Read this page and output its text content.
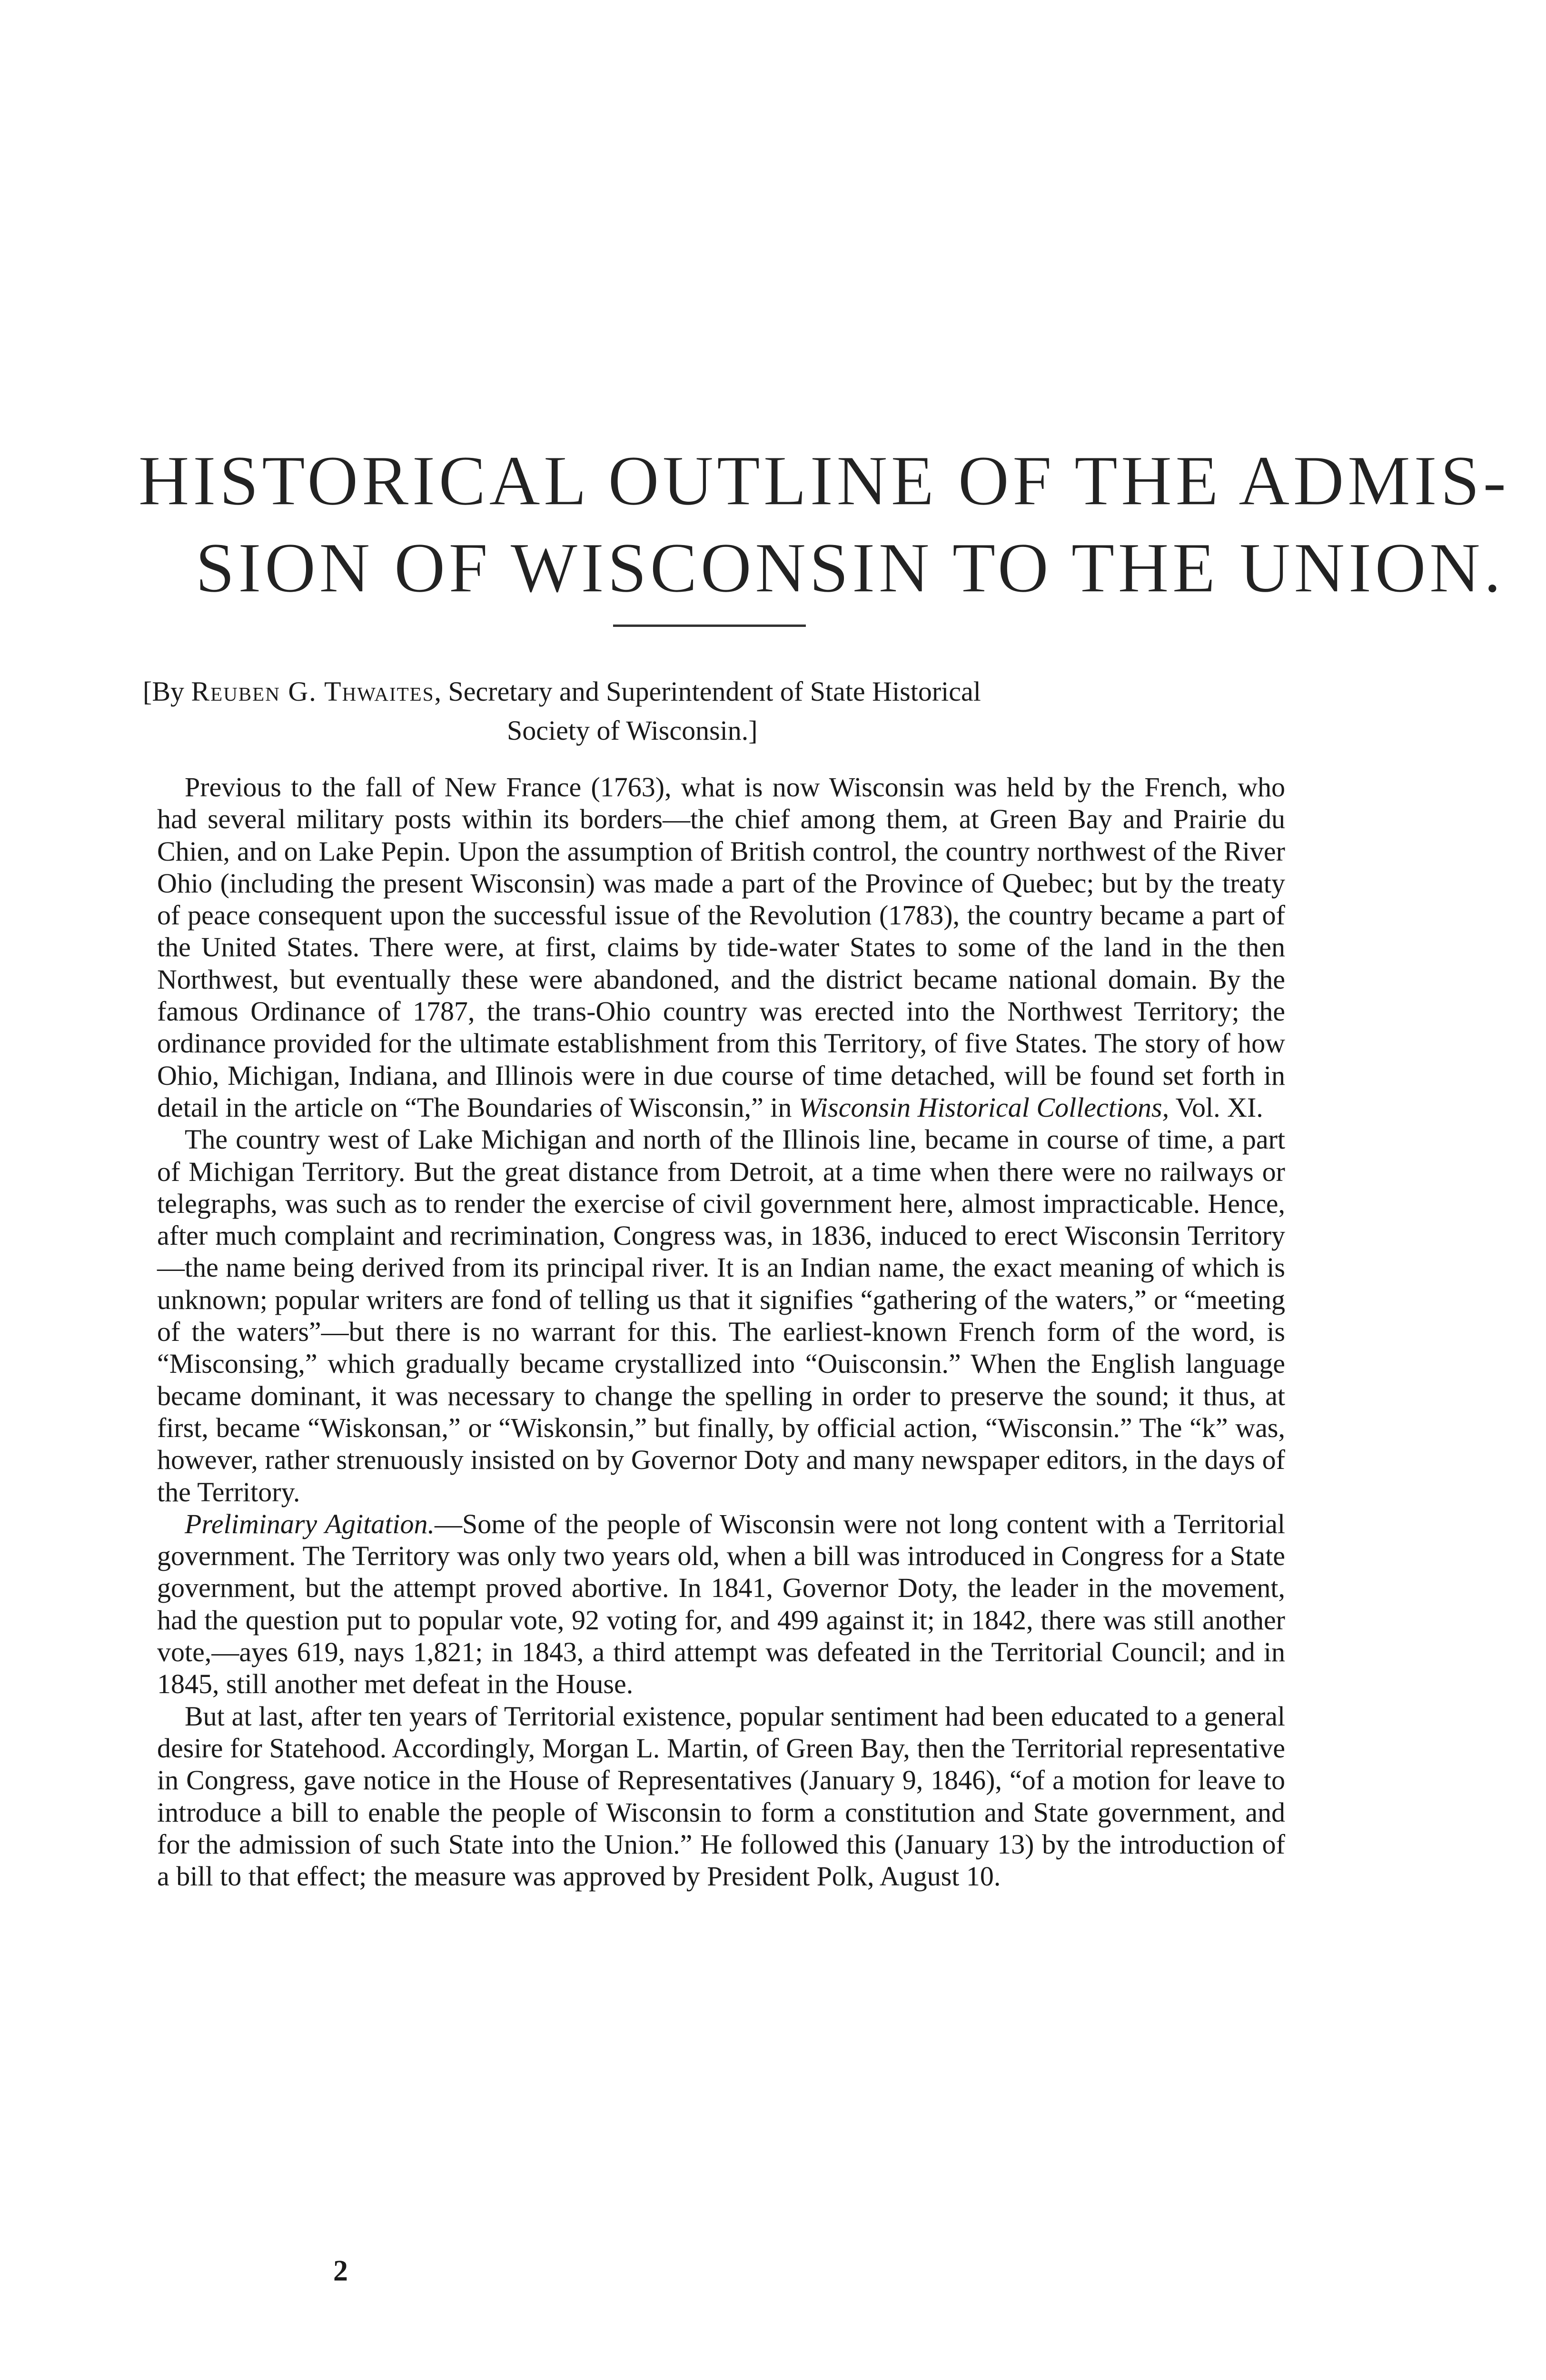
HISTORICAL OUTLINE OF THE ADMIS-
SION OF WISCONSIN TO THE UNION.
[By Reuben G. Thwaites, Secretary and Superintendent of State Historical
Society of Wisconsin.]

Previous to the fall of New France (1763), what is now Wisconsin was held by the French, who had several military posts within its borders—the chief among them, at Green Bay and Prairie du Chien, and on Lake Pepin. Upon the assumption of British control, the country northwest of the River Ohio (including the present Wisconsin) was made a part of the Province of Quebec; but by the treaty of peace consequent upon the successful issue of the Revolution (1783), the country became a part of the United States. There were, at first, claims by tide-water States to some of the land in the then Northwest, but eventually these were abandoned, and the district became national domain. By the famous Ordinance of 1787, the trans-Ohio country was erected into the Northwest Territory; the ordinance provided for the ultimate establishment from this Territory, of five States. The story of how Ohio, Michigan, Indiana, and Illinois were in due course of time detached, will be found set forth in detail in the article on “The Boundaries of Wisconsin,” in Wisconsin Historical Collections, Vol. XI.

The country west of Lake Michigan and north of the Illinois line, became in course of time, a part of Michigan Territory. But the great distance from Detroit, at a time when there were no railways or telegraphs, was such as to render the exercise of civil government here, almost impracticable. Hence, after much complaint and recrimination, Congress was, in 1836, induced to erect Wisconsin Territory—the name being derived from its principal river. It is an Indian name, the exact meaning of which is unknown; popular writers are fond of telling us that it signifies “gathering of the waters,” or “meeting of the waters”—but there is no warrant for this. The earliest-known French form of the word, is “Misconsing,” which gradually became crystallized into “Ouisconsin.” When the English language became dominant, it was necessary to change the spelling in order to preserve the sound; it thus, at first, became “Wiskonsan,” or “Wiskonsin,” but finally, by official action, “Wisconsin.” The “k” was, however, rather strenuously insisted on by Governor Doty and many newspaper editors, in the days of the Territory.

Preliminary Agitation.—Some of the people of Wisconsin were not long content with a Territorial government. The Territory was only two years old, when a bill was introduced in Congress for a State government, but the attempt proved abortive. In 1841, Governor Doty, the leader in the movement, had the question put to popular vote, 92 voting for, and 499 against it; in 1842, there was still another vote,—ayes 619, nays 1,821; in 1843, a third attempt was defeated in the Territorial Council; and in 1845, still another met defeat in the House.

But at last, after ten years of Territorial existence, popular sentiment had been educated to a general desire for Statehood. Accordingly, Morgan L. Martin, of Green Bay, then the Territorial representative in Congress, gave notice in the House of Representatives (January 9, 1846), “of a motion for leave to introduce a bill to enable the people of Wisconsin to form a constitution and State government, and for the admission of such State into the Union.” He followed this (January 13) by the introduction of a bill to that effect; the measure was approved by President Polk, August 10.

2
